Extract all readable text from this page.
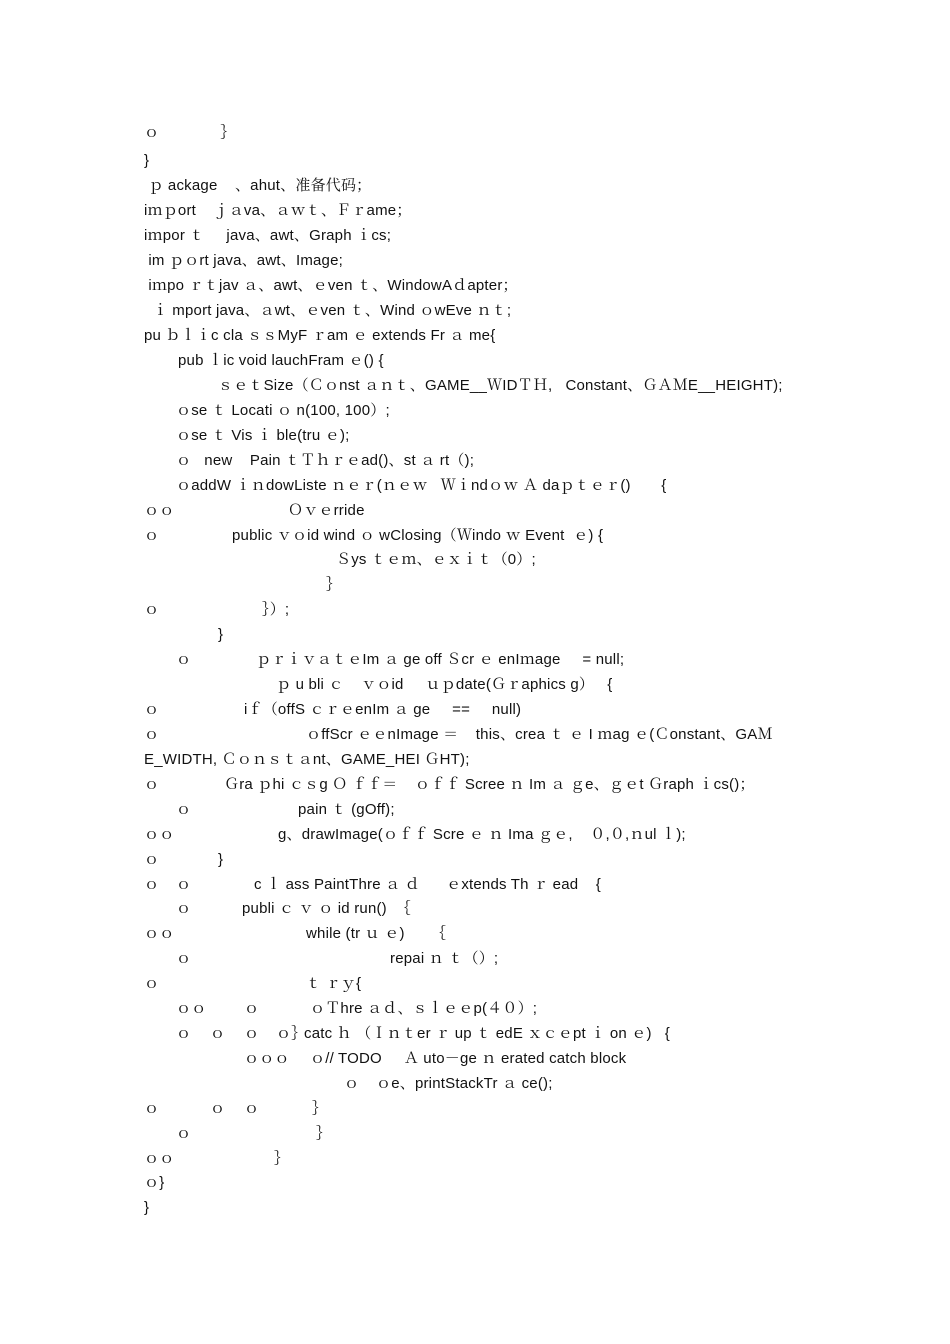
ｏ              ｝
}
ｐ ackage    、ahut、准备代码；
iｍｐort    ｊａva、ａｗｔ、Ｆｒame；
iｍpor ｔ     java、awt、Graph ｉcs;
im ｐｏrt java、awt、Image;
iｍpo ｒｔjav ａ、awt、ｅven ｔ、WindowAｄapter；
ｉ mport java、ａwt、ｅven ｔ、Wind ｏwEve ｎｔ;
pu ｂｌｉc cla ｓｓMyF ｒam ｅ extends Fr ａ me{
pub ｌic void lauchFram ｅ() {
ｓｅｔSize（Ｃｏnst ａｎｔ、GAME__ＷIDＴＨ,   Constant、ＧＡＭE__HEIGHT);
ｏse ｔ Locati ｏ n(100, 100）;
ｏse ｔ Vis ｉ ble(tru ｅ);
ｏ   new    Pain ｔＴｈｒｅad()、st ａ rt（);
ｏaddW ｉｎdowListe ｎｅｒ(ｎｅｗ   Ｗｉndｏｗ Ａ daｐｔｅｒ()       {
ｏｏ	Ｏｖｅrride
ｏ	public ｖｏid wind ｏ wClosing（Ｗindo ｗ Event  ｅ) {
Ｓys ｔｅｍ、ｅｘｉｔ（0）;
｝
ｏ	｝）;
}
ｏ	ｐｒｉｖａｔｅIm ａ ge off Ｓcr ｅ enIｍage     = null;
ｐ u bli ｃ    ｖｏid     ｕｐdate(Ｇｒaphics g）   {
ｏ	iｆ（offS ｃｒｅenIm ａ ge     ==     null)
ｏ	ｏffScr ｅｅnImage ＝    this、crea ｔ ｅ I ｍag ｅ(Ｃonstant、GAＭ
E_WIDTH, Ｃｏｎｓｔａnt、GAME_HEI ＧHT);
ｏ	Ｇra ｐhi ｃｓg Ｏ ｆｆ＝    ｏｆｆ Scree ｎ Im ａ ｇe、ｇｅt Ｇraph ｉcs()；
ｏ	pain ｔ (gOff);
ｏｏ	g、drawImage(ｏｆｆ Scre ｅ ｎ Ima ｇｅ,    ０,０,ｎul ｌ);
ｏ	}
ｏ ｏ	c ｌ ass PaintThre ａ ｄ      ｅxtends Th ｒ ead    {
ｏ	publi ｃ ｖ ｏ id run()  ｛
ｏｏ	while (tr ｕ ｅ)      ｛
ｏ	repai ｎ ｔ（）;
ｏ	ｔ ｒｙ{
ｏｏ	ｏ	ｏＴhre ａｄ、ｓｌｅｅp(４０）;
ｏ ｏ ｏ ｏ｝
catc ｈ （Ｉｎｔer ｒ up ｔ edE ｘｃｅpt ｉ on ｅ)   {
ｏｏｏ ｏ// TODO     Ａ uto－ge ｎ erated catch block
ｏ ｏe、printStackTr ａ ce();
ｏ	ｏ ｏ	｝
ｏ	｝
ｏｏ	｝
ｏ}
}
